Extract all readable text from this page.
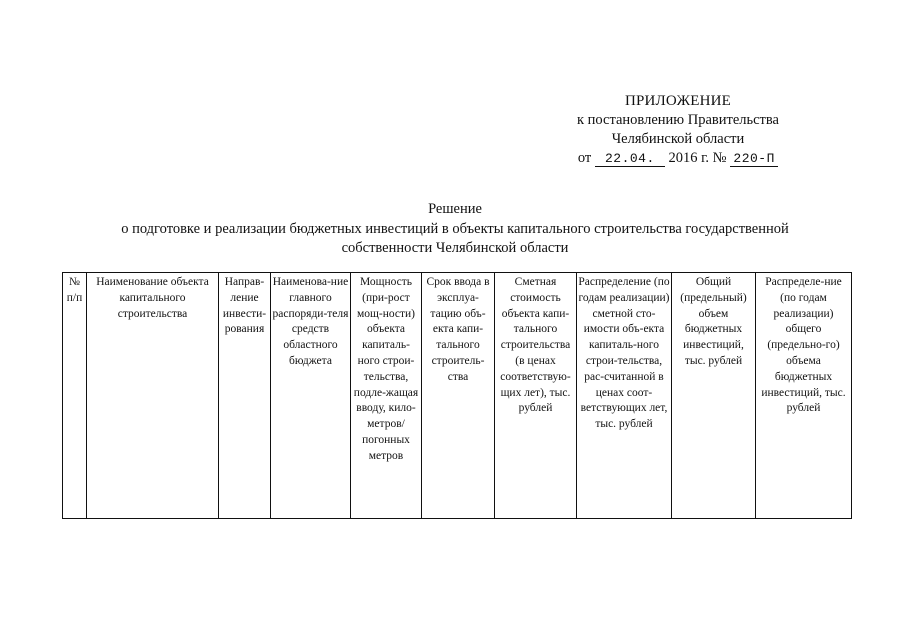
ПРИЛОЖЕНИЕ
к постановлению Правительства
Челябинской области
от 22.04. 2016 г. № 220-П
Решение
о подготовке и реализации бюджетных инвестиций в объекты капитального строительства государственной
собственности Челябинской области
№ п/п	Наименование объекта капитального строительства	Направ-ление инвести-рования	Наименова-ние главного распоряди-теля средств областного бюджета	Мощность (при-рост мощ-ности) объекта капиталь-ного строи-тельства, подле-жащая вводу, кило-метров/ погонных метров	Срок ввода в эксплуа-тацию объ-екта капи-тального строитель-ства	Сметная стоимость объекта капи-тального строительства (в ценах соответствую-щих лет), тыс. рублей	Распределение (по годам реализации) сметной сто-имости объ-екта капиталь-ного строи-тельства, рас-считанной в ценах соот-ветствующих лет, тыс. рублей	Общий (предельный) объем бюджетных инвестиций, тыс. рублей	Распределе-ние (по годам реализации) общего (предельно-го) объема бюджетных инвестиций, тыс. рублей
